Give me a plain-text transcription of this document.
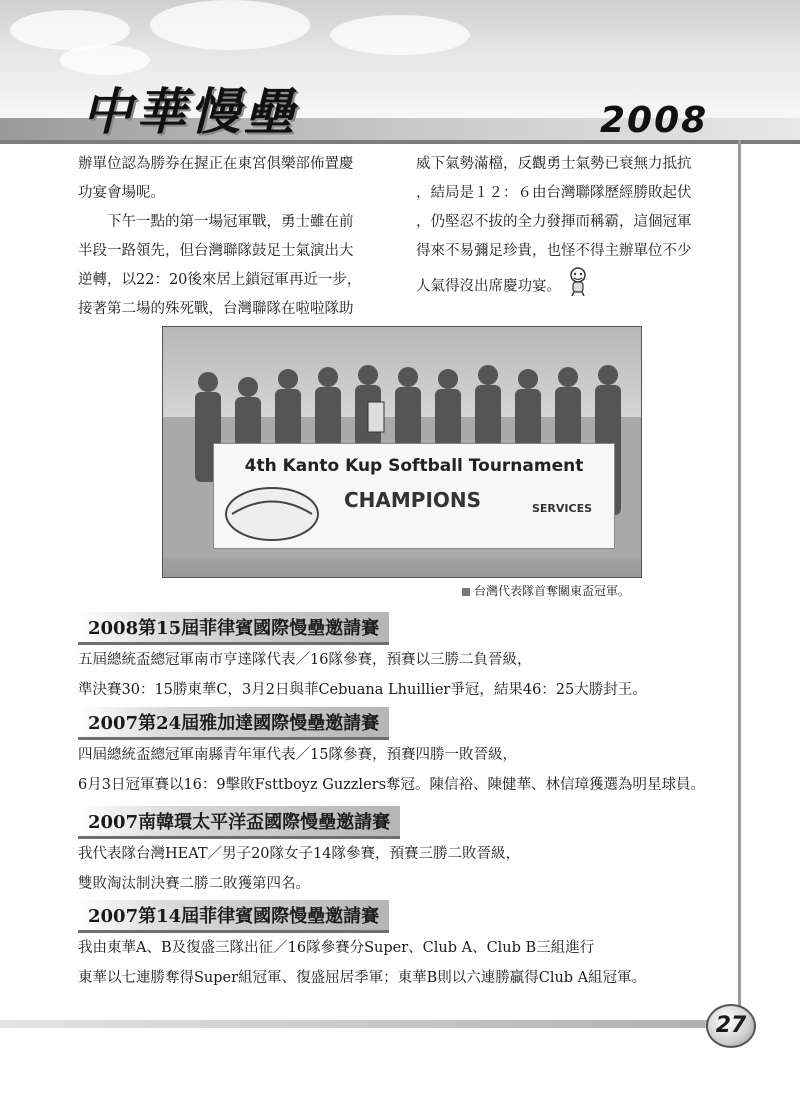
中華慢壘	2008

辦單位認為勝券在握正在東宮俱樂部佈置慶

功宴會場呢。

下午一點的第一場冠軍戰，勇士雖在前

半段一路領先，但台灣聯隊鼓足士氣演出大

逆轉，以22：20後來居上鎖冠軍再近一步，

接著第二場的殊死戰，台灣聯隊在啦啦隊助

威下氣勢滿檔，反觀勇士氣勢已衰無力抵抗

，結局是１２：６由台灣聯隊歷經勝敗起伏

，仍堅忍不拔的全力發揮而稱霸，這個冠軍

得來不易彌足珍貴，也怪不得主辦單位不少

人氣得沒出席慶功宴。

4th Kanto Kup Softball Tournament
CHAMPIONS	SERVICES
台灣代表隊首奪關東盃冠軍。
2008第15屆菲律賓國際慢壘邀請賽
五屆總統盃總冠軍南市亨達隊代表／16隊參賽，預賽以三勝二負晉級，
準決賽30：15勝東華C，3月2日與菲Cebuana Lhuillier爭冠，結果46：25大勝封王。
2007第24屆雅加達國際慢壘邀請賽
四屆總統盃總冠軍南縣青年軍代表／15隊參賽，預賽四勝一敗晉級，
6月3日冠軍賽以16：9擊敗Fsttboyz Guzzlers奪冠。陳信裕、陳健華、林信璋獲選為明星球員。
2007南韓環太平洋盃國際慢壘邀請賽
我代表隊台灣HEAT／男子20隊女子14隊參賽，預賽三勝二敗晉級，
雙敗淘汰制決賽二勝二敗獲第四名。
2007第14屆菲律賓國際慢壘邀請賽
我由東華A、B及復盛三隊出征／16隊參賽分Super、Club A、Club B三組進行
東華以七連勝奪得Super組冠軍、復盛屈居季軍；東華B則以六連勝贏得Club A組冠軍。
27
